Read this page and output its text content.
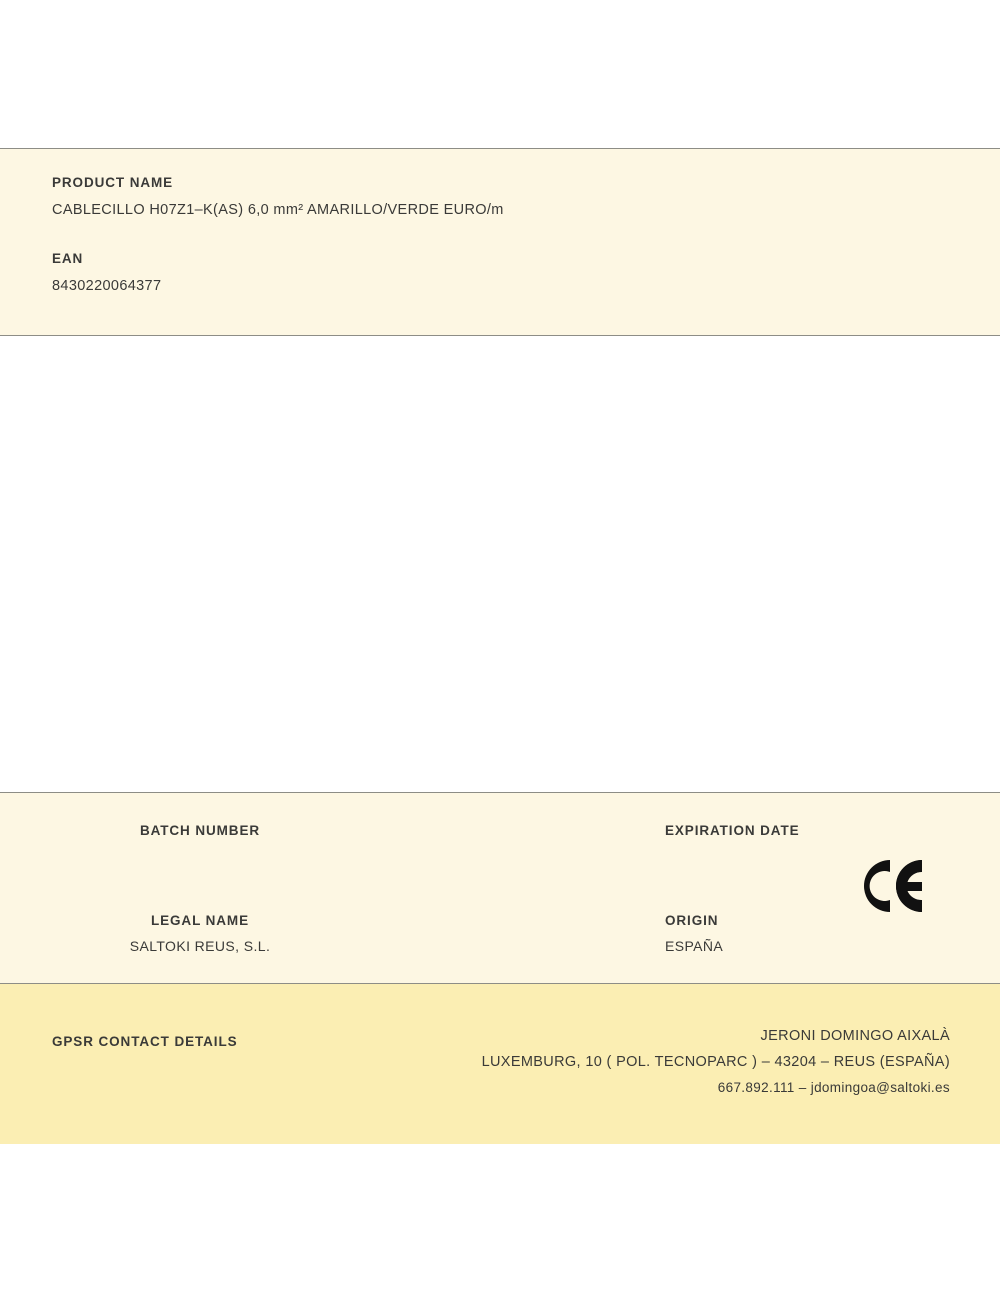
PRODUCT NAME

CABLECILLO H07Z1–K(AS) 6,0 mm² AMARILLO/VERDE EURO/m

EAN

8430220064377

BATCH NUMBER	EXPIRATION DATE

LEGAL NAME

SALTOKI REUS, S.L.

ORIGIN

ESPAÑA

GPSR CONTACT DETAILS	JERONI DOMINGO AIXALÀ

LUXEMBURG, 10 ( POL. TECNOPARC ) – 43204 – REUS (ESPAÑA)

667.892.111 – jdomingoa@saltoki.es
